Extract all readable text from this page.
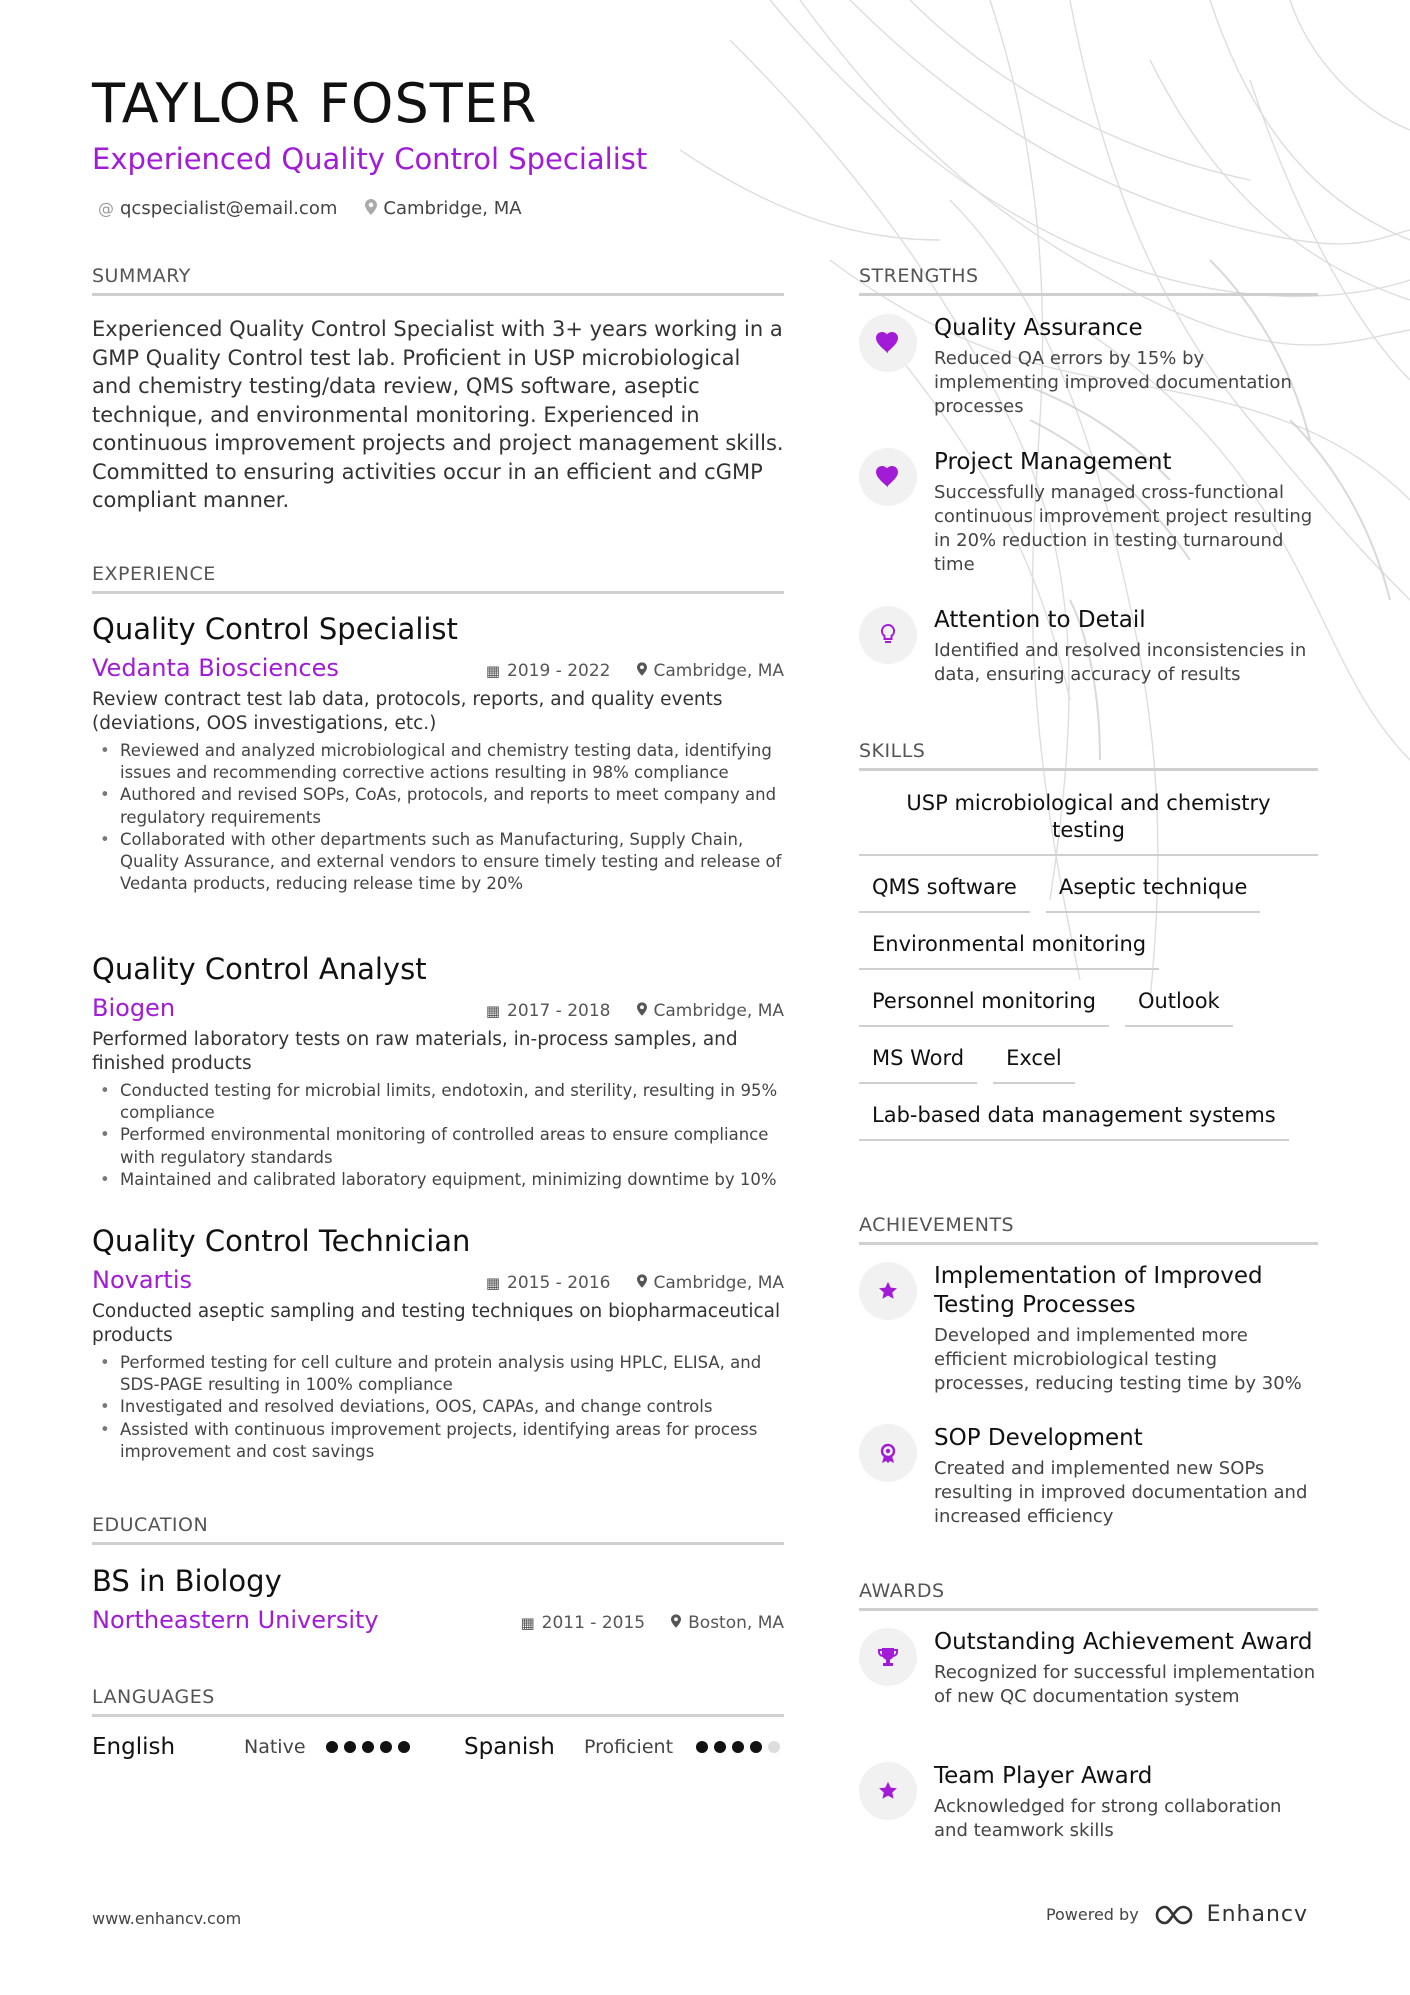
TAYLOR FOSTER
Experienced Quality Control Specialist
@ qcspecialist@email.com	Cambridge, MA
SUMMARY
Experienced Quality Control Specialist with 3+ years working in a GMP Quality Control test lab. Proficient in USP microbiological and chemistry testing/data review, QMS software, aseptic technique, and environmental monitoring. Experienced in continuous improvement projects and project management skills. Committed to ensuring activities occur in an efficient and cGMP compliant manner.
EXPERIENCE
Quality Control Specialist
Vedanta Biosciences	▦ 2019 - 2022	Cambridge, MA
Review contract test lab data, protocols, reports, and quality events (deviations, OOS investigations, etc.)
• Reviewed and analyzed microbiological and chemistry testing data, identifying issues and recommending corrective actions resulting in 98% compliance
• Authored and revised SOPs, CoAs, protocols, and reports to meet company and regulatory requirements
• Collaborated with other departments such as Manufacturing, Supply Chain, Quality Assurance, and external vendors to ensure timely testing and release of Vedanta products, reducing release time by 20%
Quality Control Analyst
Biogen	▦ 2017 - 2018	Cambridge, MA
Performed laboratory tests on raw materials, in-process samples, and finished products
• Conducted testing for microbial limits, endotoxin, and sterility, resulting in 95% compliance
• Performed environmental monitoring of controlled areas to ensure compliance with regulatory standards
• Maintained and calibrated laboratory equipment, minimizing downtime by 10%
Quality Control Technician
Novartis	▦ 2015 - 2016	Cambridge, MA
Conducted aseptic sampling and testing techniques on biopharmaceutical products
• Performed testing for cell culture and protein analysis using HPLC, ELISA, and SDS-PAGE resulting in 100% compliance
• Investigated and resolved deviations, OOS, CAPAs, and change controls
• Assisted with continuous improvement projects, identifying areas for process improvement and cost savings
EDUCATION
BS in Biology
Northeastern University	▦ 2011 - 2015	Boston, MA
LANGUAGES
English	Native	Spanish	Proficient
STRENGTHS
Quality Assurance
Reduced QA errors by 15% by implementing improved documentation processes
Project Management
Successfully managed cross-functional continuous improvement project resulting in 20% reduction in testing turnaround time
Attention to Detail
Identified and resolved inconsistencies in data, ensuring accuracy of results
SKILLS
USP microbiological and chemistry testing
QMS software	Aseptic technique
Environmental monitoring
Personnel monitoring	Outlook
MS Word	Excel
Lab-based data management systems
ACHIEVEMENTS
Implementation of Improved Testing Processes
Developed and implemented more efficient microbiological testing processes, reducing testing time by 30%
SOP Development
Created and implemented new SOPs resulting in improved documentation and increased efficiency
AWARDS
Outstanding Achievement Award
Recognized for successful implementation of new QC documentation system
Team Player Award
Acknowledged for strong collaboration and teamwork skills
www.enhancv.com	Powered by	Enhancv
